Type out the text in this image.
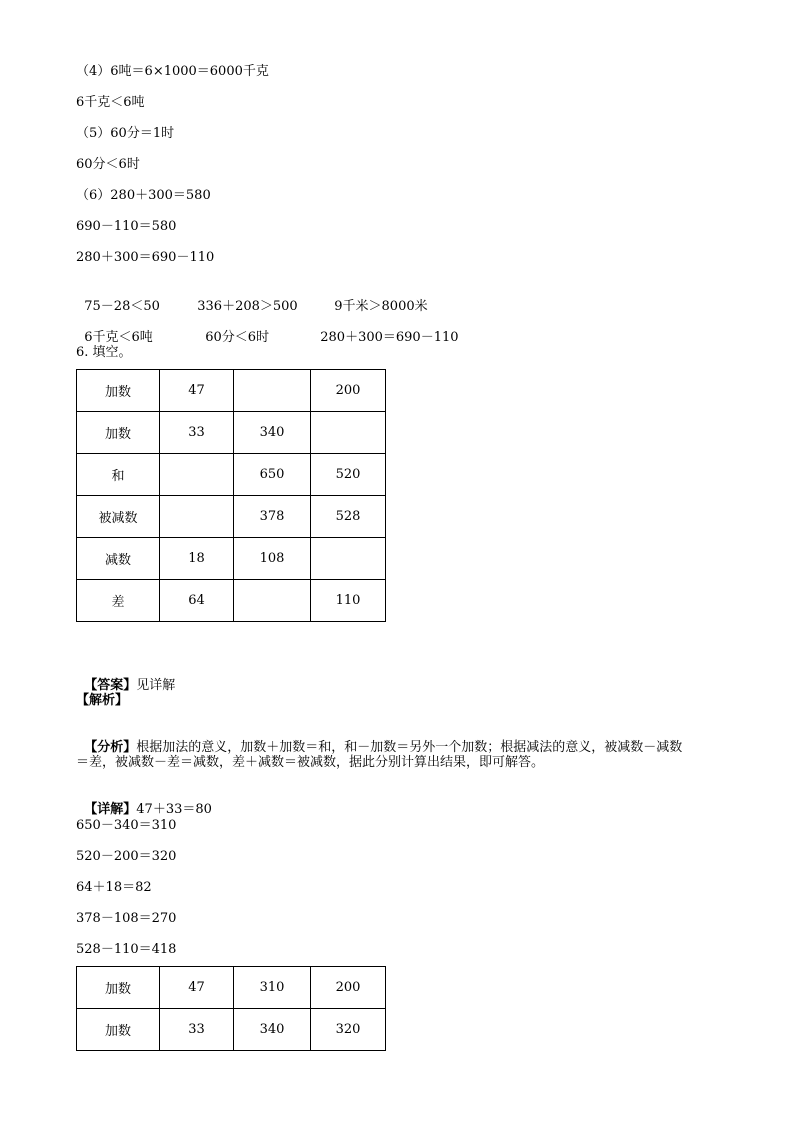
（4）6吨＝6×1000＝6000千克
6千克＜6吨
（5）60分＝1时
60分＜6时
（6）280＋300＝580
690－110＝580
280＋300＝690－110

75－28＜50	336＋208＞500	9千米＞8000米

6千克＜6吨	60分＜6时	280＋300＝690－110

6. 填空。
加数	47		200
加数	33	340	
和		650	520
被减数		378	528
减数	18	108	
差	64		110

【答案】见详解

【解析】

【分析】根据加法的意义，加数＋加数＝和，和－加数＝另外一个加数；根据减法的意义，被减数－减数

＝差，被减数－差＝减数，差＋减数＝被减数，据此分别计算出结果，即可解答。

【详解】47＋33＝80

650－340＝310
520－200＝320
64＋18＝82
378－108＝270
528－110＝418
加数	47	310	200
加数	33	340	320
